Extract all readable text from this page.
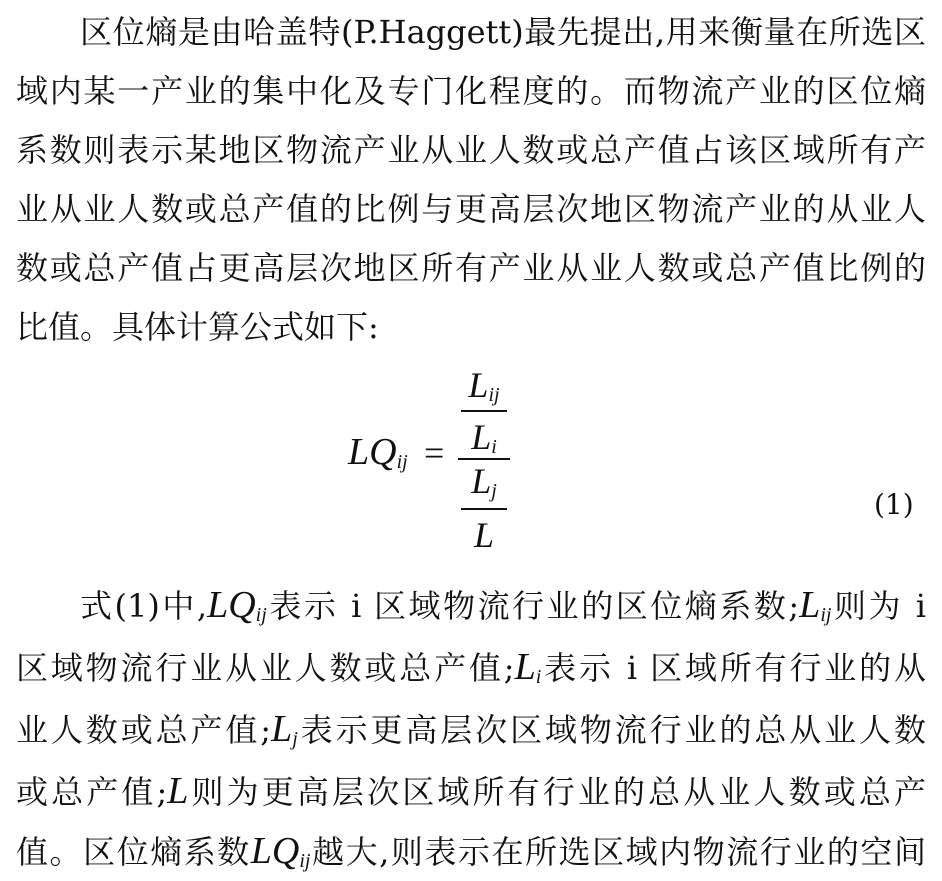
区位熵是由哈盖特(P.Haggett)最先提出,用来衡量在所选区
域内某一产业的集中化及专门化程度的。而物流产业的区位熵
系数则表示某地区物流产业从业人数或总产值占该区域所有产
业从业人数或总产值的比例与更高层次地区物流产业的从业人
数或总产值占更高层次地区所有产业从业人数或总产值比例的
比值。具体计算公式如下:
$LQ_{ij}$ =
$L_{ij}$
$L_i$
$L_j$
L
(1)
式(1)中$,LQ_{ij}$表示 i 区域物流行业的区位熵系数$;L_{ij}$则为 i
区域物流行业从业人数或总产值$;L_i$表示 i 区域所有行业的从
业人数或总产值$;L_j$表示更高层次区域物流行业的总从业人数
或总产值;L则为更高层次区域所有行业的总从业人数或总产
值。区位熵系数$LQ_{ij}$越大,则表示在所选区域内物流行业的空间
